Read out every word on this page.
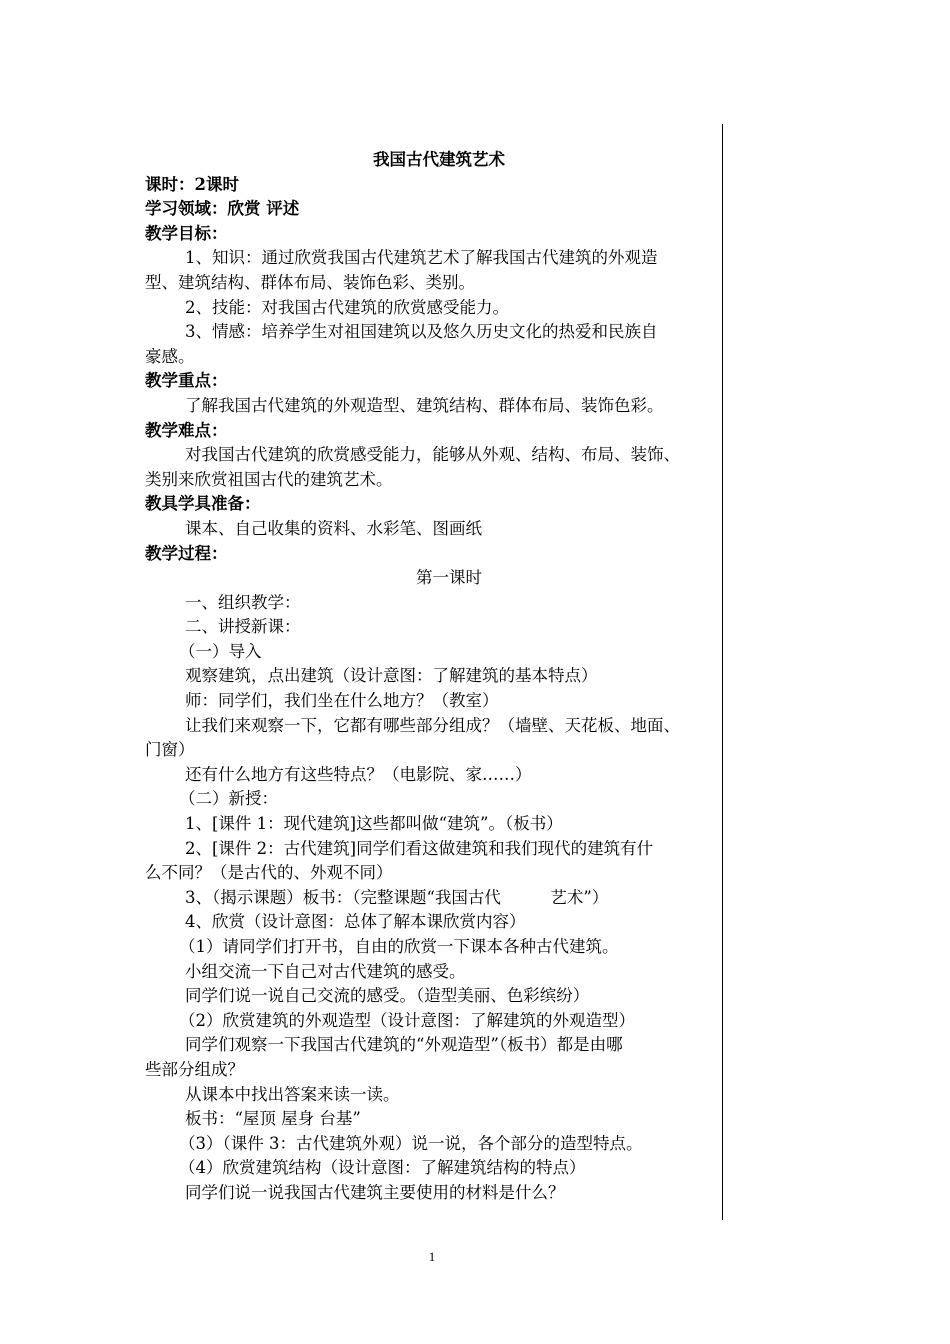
我国古代建筑艺术
课时：2课时
学习领域：欣赏 评述
教学目标：
1、知识：通过欣赏我国古代建筑艺术了解我国古代建筑的外观造
型、建筑结构、群体布局、装饰色彩、类别。
2、技能：对我国古代建筑的欣赏感受能力。
3、情感：培养学生对祖国建筑以及悠久历史文化的热爱和民族自
豪感。
教学重点：
了解我国古代建筑的外观造型、建筑结构、群体布局、装饰色彩。
教学难点：
对我国古代建筑的欣赏感受能力，能够从外观、结构、布局、装饰、
类别来欣赏祖国古代的建筑艺术。
教具学具准备：
课本、自己收集的资料、水彩笔、图画纸
教学过程：
第一课时
一、组织教学：
二、讲授新课：
（一）导入
观察建筑，点出建筑（设计意图：了解建筑的基本特点）
师：同学们，我们坐在什么地方？（教室）
让我们来观察一下，它都有哪些部分组成？（墙壁、天花板、地面、
门窗）
还有什么地方有这些特点？（电影院、家……）
（二）新授：
1、[课件 1：现代建筑]这些都叫做“建筑”。（板书）
2、[课件 2：古代建筑]同学们看这做建筑和我们现代的建筑有什
么不同？（是古代的、外观不同）
3、（揭示课题）板书：（完整课题“我国古代　　　艺术”）
4、欣赏（设计意图：总体了解本课欣赏内容）
（1）请同学们打开书，自由的欣赏一下课本各种古代建筑。
小组交流一下自己对古代建筑的感受。
同学们说一说自己交流的感受。（造型美丽、色彩缤纷）
（2）欣赏建筑的外观造型（设计意图：了解建筑的外观造型）
同学们观察一下我国古代建筑的“外观造型”（板书）都是由哪
些部分组成？
从课本中找出答案来读一读。
板书：“屋顶 屋身 台基”
（3）（课件 3：古代建筑外观）说一说，各个部分的造型特点。
（4）欣赏建筑结构（设计意图：了解建筑结构的特点）
同学们说一说我国古代建筑主要使用的材料是什么？
1
